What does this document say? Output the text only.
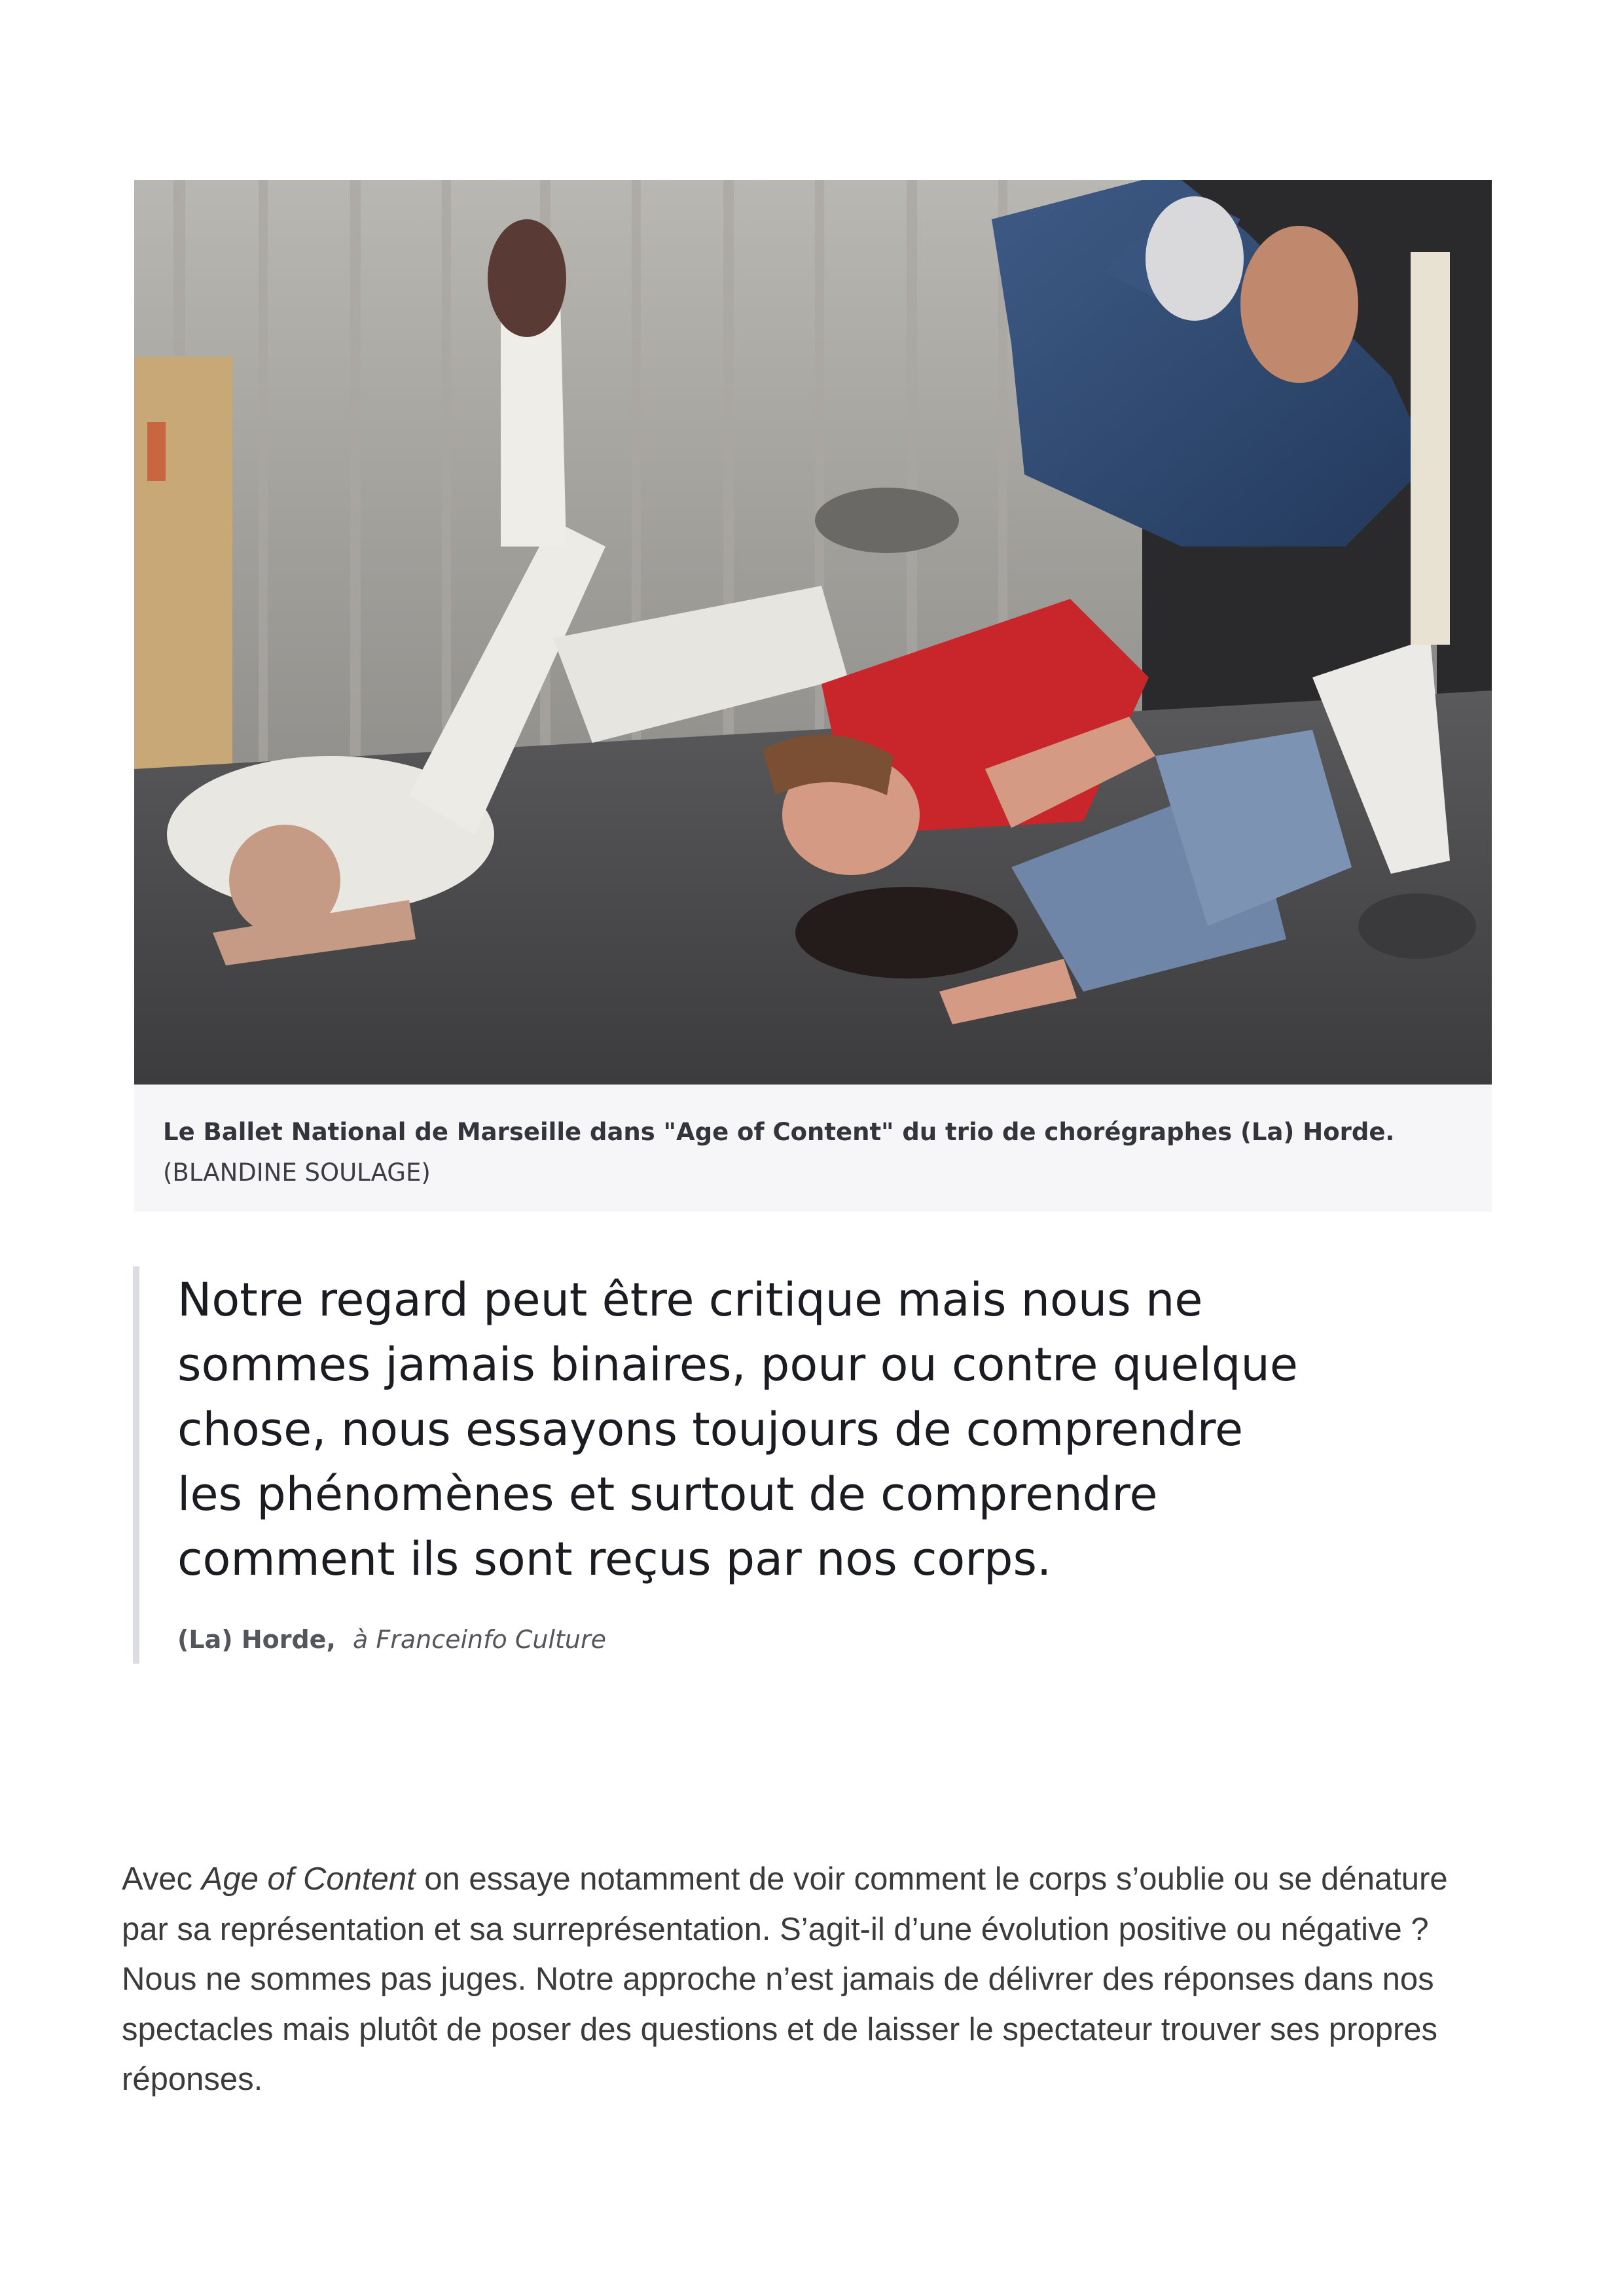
Le Ballet National de Marseille dans "Age of Content" du trio de chorégraphes (La) Horde. (BLANDINE SOULAGE)

Notre regard peut être critique mais nous ne sommes jamais binaires, pour ou contre quelque chose, nous essayons toujours de comprendre les phénomènes et surtout de comprendre comment ils sont reçus par nos corps.

(La) Horde, à Franceinfo Culture

Avec Age of Content on essaye notamment de voir comment le corps s’oublie ou se dénature par sa représentation et sa surreprésentation. S’agit-il d’une évolution positive ou négative ? Nous ne sommes pas juges. Notre approche n’est jamais de délivrer des réponses dans nos spectacles mais plutôt de poser des questions et de laisser le spectateur trouver ses propres réponses.
